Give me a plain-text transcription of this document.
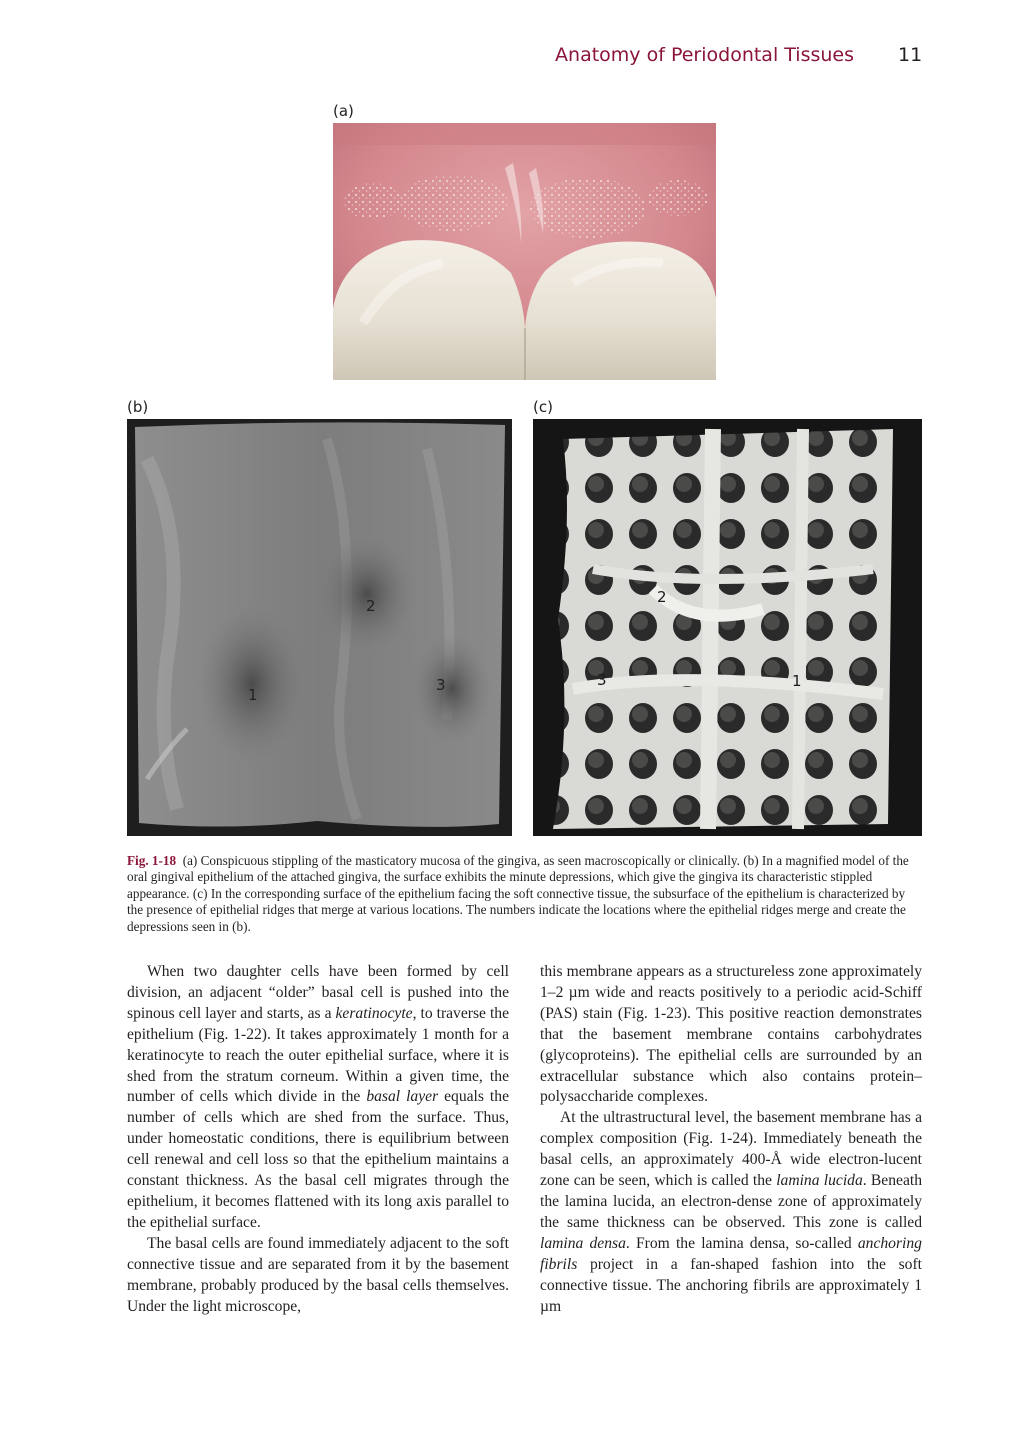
Anatomy of Periodontal Tissues 11
(a)
(b)
2
1
3
(c)
2
3	1
Fig. 1-18 (a) Conspicuous stippling of the masticatory mucosa of the gingiva, as seen macroscopically or clinically. (b) In a magnified model of the oral gingival epithelium of the attached gingiva, the surface exhibits the minute depressions, which give the gingiva its characteristic stippled appearance. (c) In the corresponding surface of the epithelium facing the soft connective tissue, the subsurface of the epithelium is characterized by the presence of epithelial ridges that merge at various locations. The numbers indicate the locations where the epithelial ridges merge and create the depressions seen in (b).

When two daughter cells have been formed by cell division, an adjacent “older” basal cell is pushed into the spinous cell layer and starts, as a keratinocyte, to traverse the epithelium (Fig. 1-22). It takes approximately 1 month for a keratinocyte to reach the outer epithelial surface, where it is shed from the stratum corneum. Within a given time, the number of cells which divide in the basal layer equals the number of cells which are shed from the surface. Thus, under homeostatic conditions, there is equilibrium between cell renewal and cell loss so that the epithelium maintains a constant thickness. As the basal cell migrates through the epithelium, it becomes flattened with its long axis parallel to the epithelial surface.

The basal cells are found immediately adjacent to the soft connective tissue and are separated from it by the basement membrane, probably produced by the basal cells themselves. Under the light microscope,

this membrane appears as a structureless zone approximately 1–2 µm wide and reacts positively to a periodic acid-Schiff (PAS) stain (Fig. 1-23). This positive reaction demonstrates that the basement membrane contains carbohydrates (glycoproteins). The epithelial cells are surrounded by an extracellular substance which also contains protein–polysaccharide complexes.

At the ultrastructural level, the basement membrane has a complex composition (Fig. 1-24). Immediately beneath the basal cells, an approximately 400-Å wide electron-lucent zone can be seen, which is called the lamina lucida. Beneath the lamina lucida, an electron-dense zone of approximately the same thickness can be observed. This zone is called lamina densa. From the lamina densa, so-called anchoring fibrils project in a fan-shaped fashion into the soft connective tissue. The anchoring fibrils are approximately 1 µm
